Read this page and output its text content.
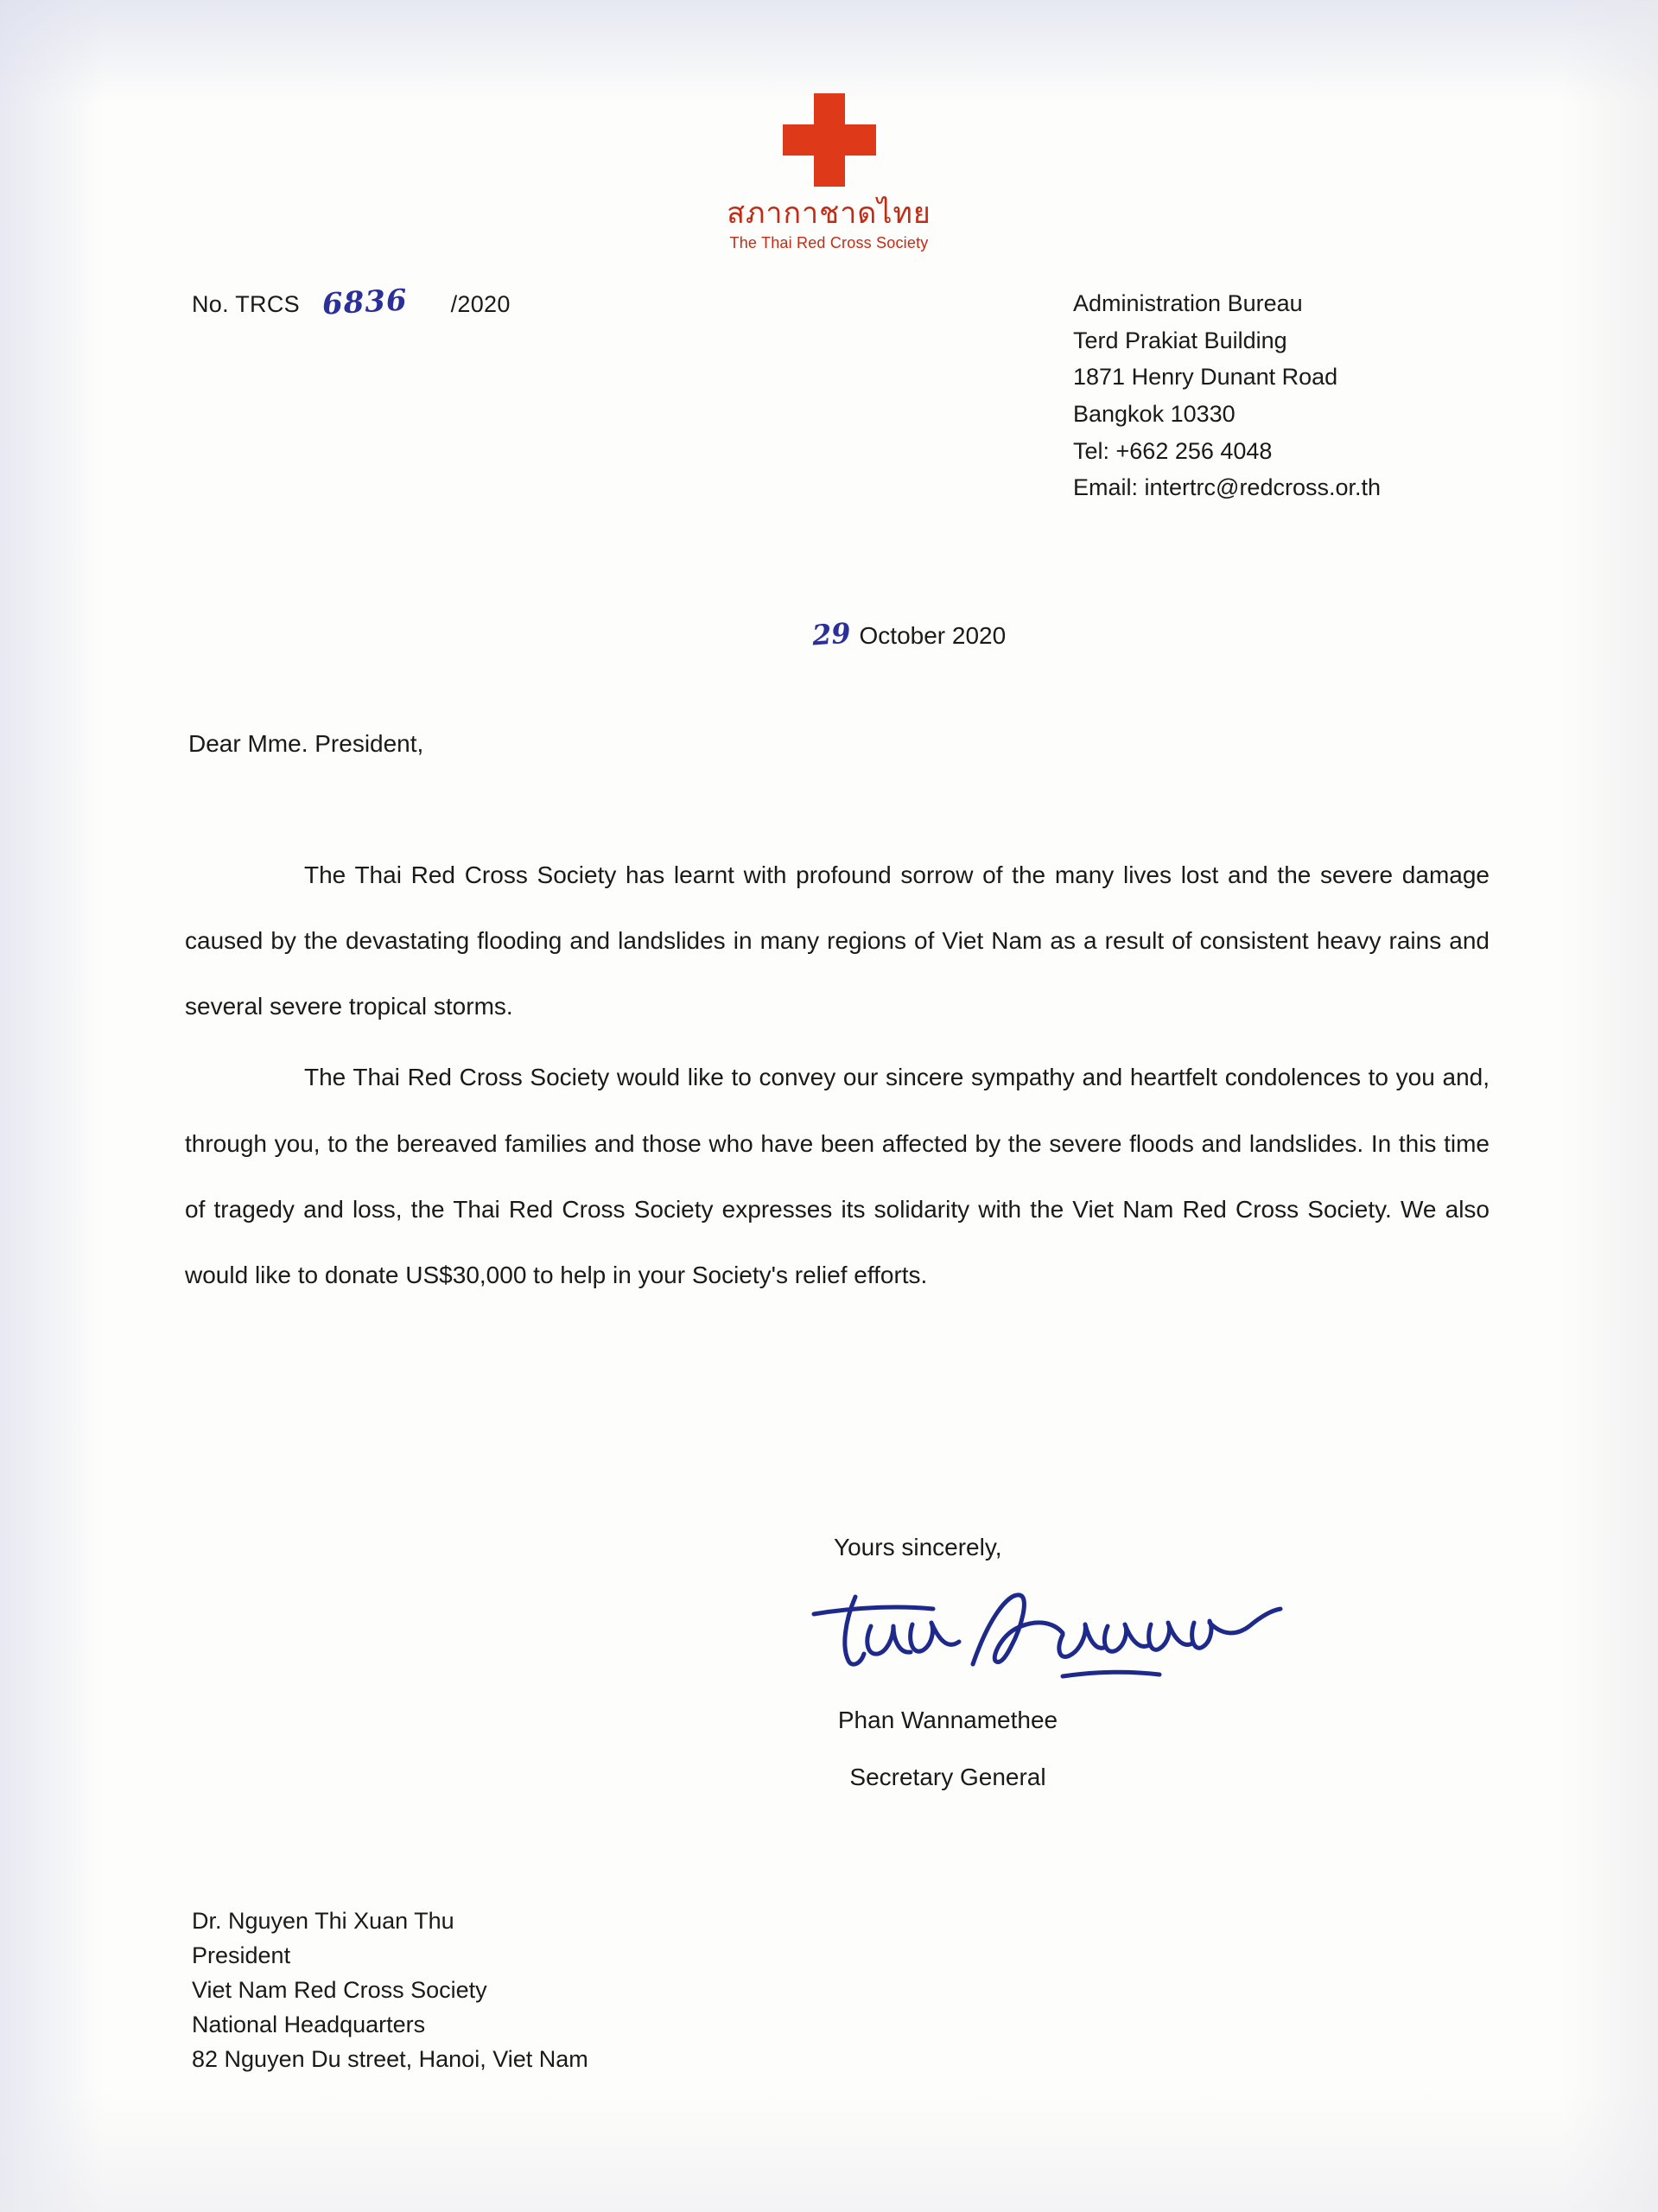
สภากาชาดไทย
The Thai Red Cross Society
No. TRCS 6836 /2020	Administration Bureau
Terd Prakiat Building
1871 Henry Dunant Road
Bangkok 10330
Tel: +662 256 4048
Email: intertrc@redcross.or.th
29 October 2020
Dear Mme. President,

The Thai Red Cross Society has learnt with profound sorrow of the many lives lost and the severe damage caused by the devastating flooding and landslides in many regions of Viet Nam as a result of consistent heavy rains and several severe tropical storms.

The Thai Red Cross Society would like to convey our sincere sympathy and heartfelt condolences to you and, through you, to the bereaved families and those who have been affected by the severe floods and landslides. In this time of tragedy and loss, the Thai Red Cross Society expresses its solidarity with the Viet Nam Red Cross Society. We also would like to donate US$30,000 to help in your Society's relief efforts.

Yours sincerely,
Phan Wannamethee
Secretary General
Dr. Nguyen Thi Xuan Thu
President
Viet Nam Red Cross Society
National Headquarters
82 Nguyen Du street, Hanoi, Viet Nam
